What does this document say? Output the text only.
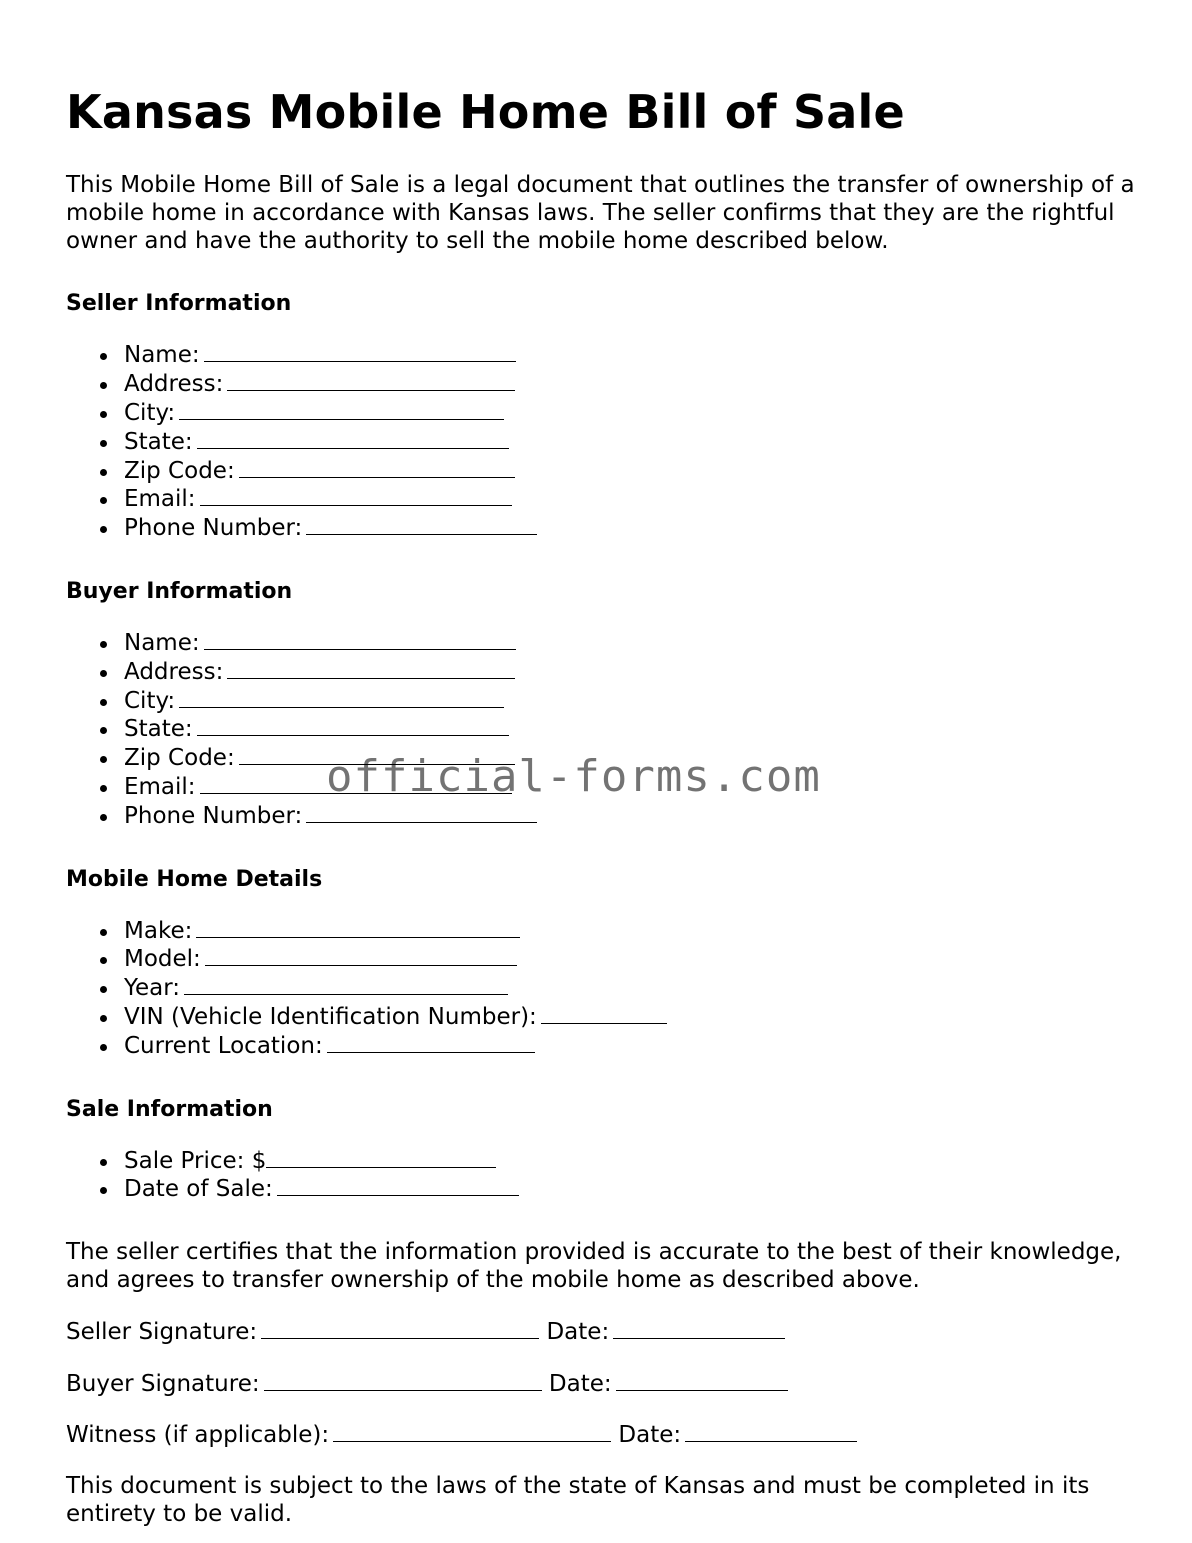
Kansas Mobile Home Bill of Sale

This Mobile Home Bill of Sale is a legal document that outlines the transfer of ownership of a mobile home in accordance with Kansas laws. The seller confirms that they are the rightful owner and have the authority to sell the mobile home described below.

Seller Information
Name:
Address:
City:
State:
Zip Code:
Email:
Phone Number:
Buyer Information
Name:
Address:
City:
State:
Zip Code:
Email:
Phone Number:
Mobile Home Details
Make:
Model:
Year:
VIN (Vehicle Identification Number):
Current Location:
Sale Information
Sale Price: $
Date of Sale:

The seller certifies that the information provided is accurate to the best of their knowledge, and agrees to transfer ownership of the mobile home as described above.

Seller Signature:	Date:

Buyer Signature:	Date:

Witness (if applicable):	Date:

This document is subject to the laws of the state of Kansas and must be completed in its entirety to be valid.

official-forms.com
